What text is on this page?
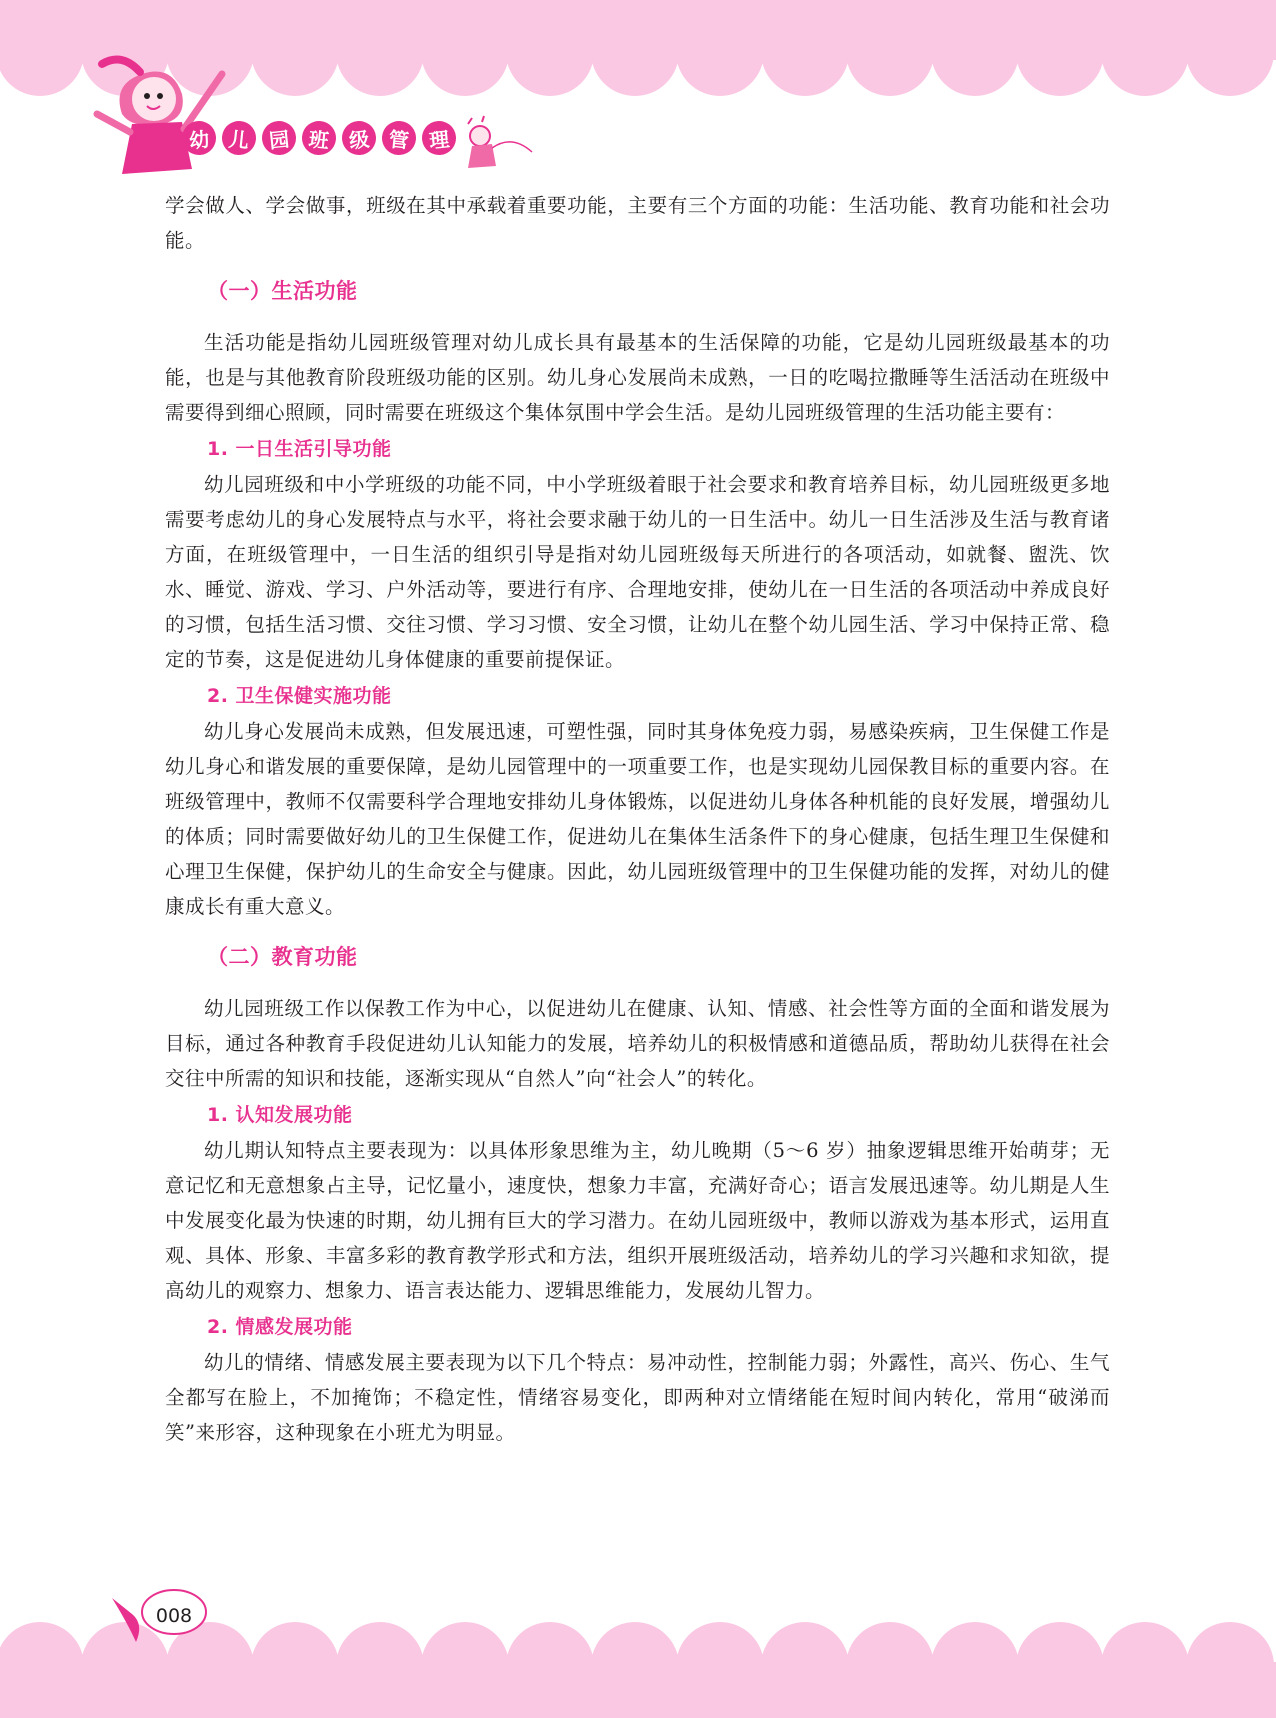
幼 儿 园 班 级 管 理

学会做人、学会做事，班级在其中承载着重要功能，主要有三个方面的功能：生活功能、教育功能和社会功能。

（一）生活功能

生活功能是指幼儿园班级管理对幼儿成长具有最基本的生活保障的功能，它是幼儿园班级最基本的功能，也是与其他教育阶段班级功能的区别。幼儿身心发展尚未成熟，一日的吃喝拉撒睡等生活活动在班级中需要得到细心照顾，同时需要在班级这个集体氛围中学会生活。是幼儿园班级管理的生活功能主要有：

1. 一日生活引导功能

幼儿园班级和中小学班级的功能不同，中小学班级着眼于社会要求和教育培养目标，幼儿园班级更多地需要考虑幼儿的身心发展特点与水平，将社会要求融于幼儿的一日生活中。幼儿一日生活涉及生活与教育诸方面，在班级管理中，一日生活的组织引导是指对幼儿园班级每天所进行的各项活动，如就餐、盥洗、饮水、睡觉、游戏、学习、户外活动等，要进行有序、合理地安排，使幼儿在一日生活的各项活动中养成良好的习惯，包括生活习惯、交往习惯、学习习惯、安全习惯，让幼儿在整个幼儿园生活、学习中保持正常、稳定的节奏，这是促进幼儿身体健康的重要前提保证。

2. 卫生保健实施功能

幼儿身心发展尚未成熟，但发展迅速，可塑性强，同时其身体免疫力弱，易感染疾病，卫生保健工作是幼儿身心和谐发展的重要保障，是幼儿园管理中的一项重要工作，也是实现幼儿园保教目标的重要内容。在班级管理中，教师不仅需要科学合理地安排幼儿身体锻炼，以促进幼儿身体各种机能的良好发展，增强幼儿的体质；同时需要做好幼儿的卫生保健工作，促进幼儿在集体生活条件下的身心健康，包括生理卫生保健和心理卫生保健，保护幼儿的生命安全与健康。因此，幼儿园班级管理中的卫生保健功能的发挥，对幼儿的健康成长有重大意义。

（二）教育功能

幼儿园班级工作以保教工作为中心，以促进幼儿在健康、认知、情感、社会性等方面的全面和谐发展为目标，通过各种教育手段促进幼儿认知能力的发展，培养幼儿的积极情感和道德品质，帮助幼儿获得在社会交往中所需的知识和技能，逐渐实现从“自然人”向“社会人”的转化。

1. 认知发展功能

幼儿期认知特点主要表现为：以具体形象思维为主，幼儿晚期（5～6 岁）抽象逻辑思维开始萌芽；无意记忆和无意想象占主导，记忆量小，速度快，想象力丰富，充满好奇心；语言发展迅速等。幼儿期是人生中发展变化最为快速的时期，幼儿拥有巨大的学习潜力。在幼儿园班级中，教师以游戏为基本形式，运用直观、具体、形象、丰富多彩的教育教学形式和方法，组织开展班级活动，培养幼儿的学习兴趣和求知欲，提高幼儿的观察力、想象力、语言表达能力、逻辑思维能力，发展幼儿智力。

2. 情感发展功能

幼儿的情绪、情感发展主要表现为以下几个特点：易冲动性，控制能力弱；外露性，高兴、伤心、生气全都写在脸上，不加掩饰；不稳定性，情绪容易变化，即两种对立情绪能在短时间内转化，常用“破涕而笑”来形容，这种现象在小班尤为明显。

008
